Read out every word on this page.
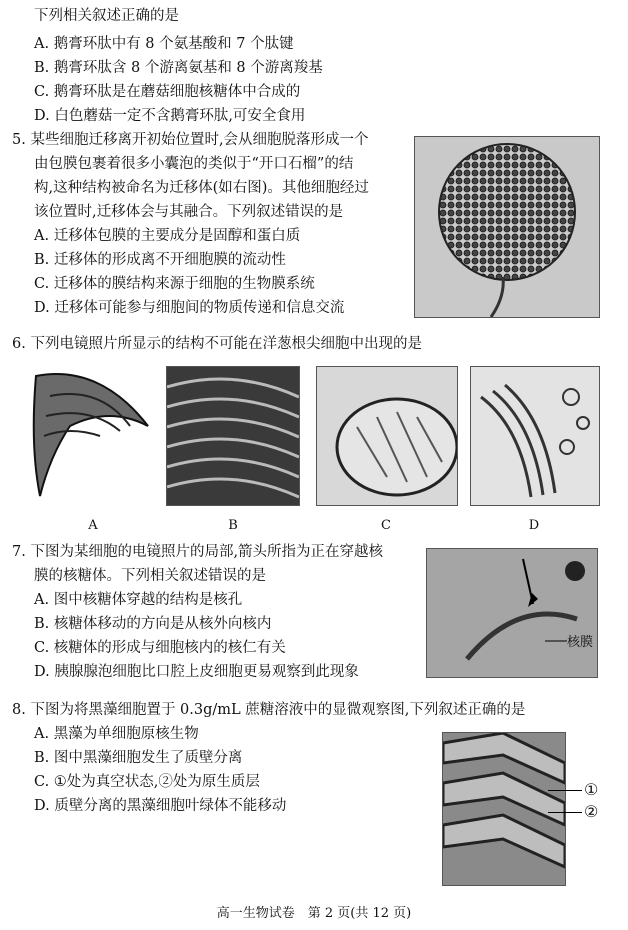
下列相关叙述正确的是
A. 鹅膏环肽中有 8 个氨基酸和 7 个肽键
B. 鹅膏环肽含 8 个游离氨基和 8 个游离羧基
C. 鹅膏环肽是在蘑菇细胞核糖体中合成的
D. 白色蘑菇一定不含鹅膏环肽,可安全食用
5. 某些细胞迁移离开初始位置时,会从细胞脱落形成一个
由包膜包裹着很多小囊泡的类似于“开口石榴”的结
构,这种结构被命名为迁移体(如右图)。其他细胞经过
该位置时,迁移体会与其融合。下列叙述错误的是
A. 迁移体包膜的主要成分是固醇和蛋白质
B. 迁移体的形成离不开细胞膜的流动性
C. 迁移体的膜结构来源于细胞的生物膜系统
D. 迁移体可能参与细胞间的物质传递和信息交流
6. 下列电镜照片所显示的结构不可能在洋葱根尖细胞中出现的是
A	B	C	D
7. 下图为某细胞的电镜照片的局部,箭头所指为正在穿越核
膜的核糖体。下列相关叙述错误的是
A. 图中核糖体穿越的结构是核孔
B. 核糖体移动的方向是从核外向核内
C. 核糖体的形成与细胞核内的核仁有关
D. 胰腺腺泡细胞比口腔上皮细胞更易观察到此现象
核膜
8. 下图为将黑藻细胞置于 0.3g/mL 蔗糖溶液中的显微观察图,下列叙述正确的是
A. 黑藻为单细胞原核生物
B. 图中黑藻细胞发生了质壁分离
C. ①处为真空状态,②处为原生质层
D. 质壁分离的黑藻细胞叶绿体不能移动
①
②
高一生物试卷　第 2 页(共 12 页)
